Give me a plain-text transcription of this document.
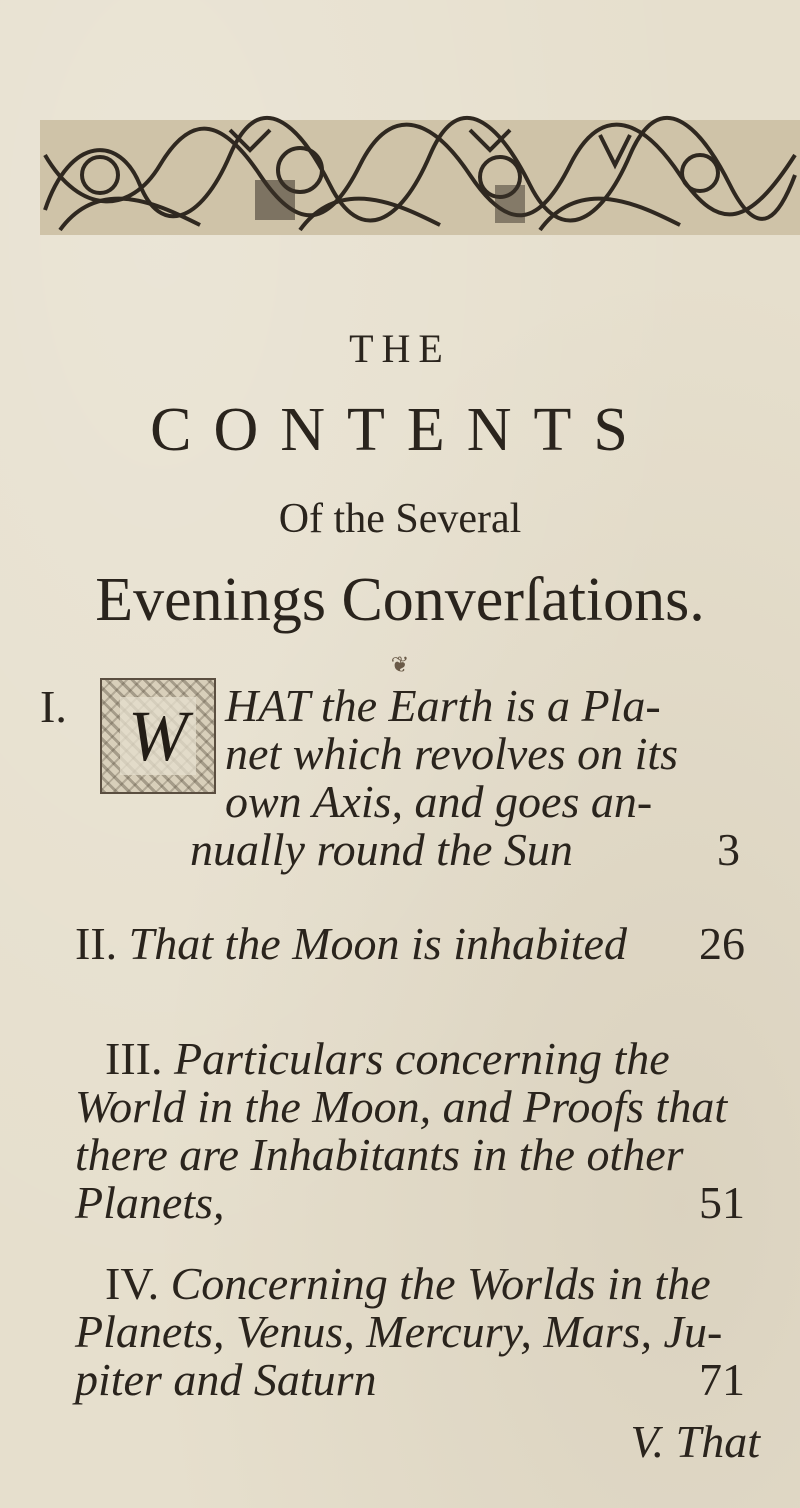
THE
CONTENTS
Of the Several
Evenings Converſations.
❦
I. W HAT the Earth is a Pla-
net which revolves on its
own Axis, and goes an-
nually round the Sun	3
II. That the Moon is inhabited 26
III. Particulars concerning the
World in the Moon, and Proofs that
there are Inhabitants in the other
Planets,	51
IV. Concerning the Worlds in the
Planets, Venus, Mercury, Mars, Ju-
piter and Saturn	71
V. That
